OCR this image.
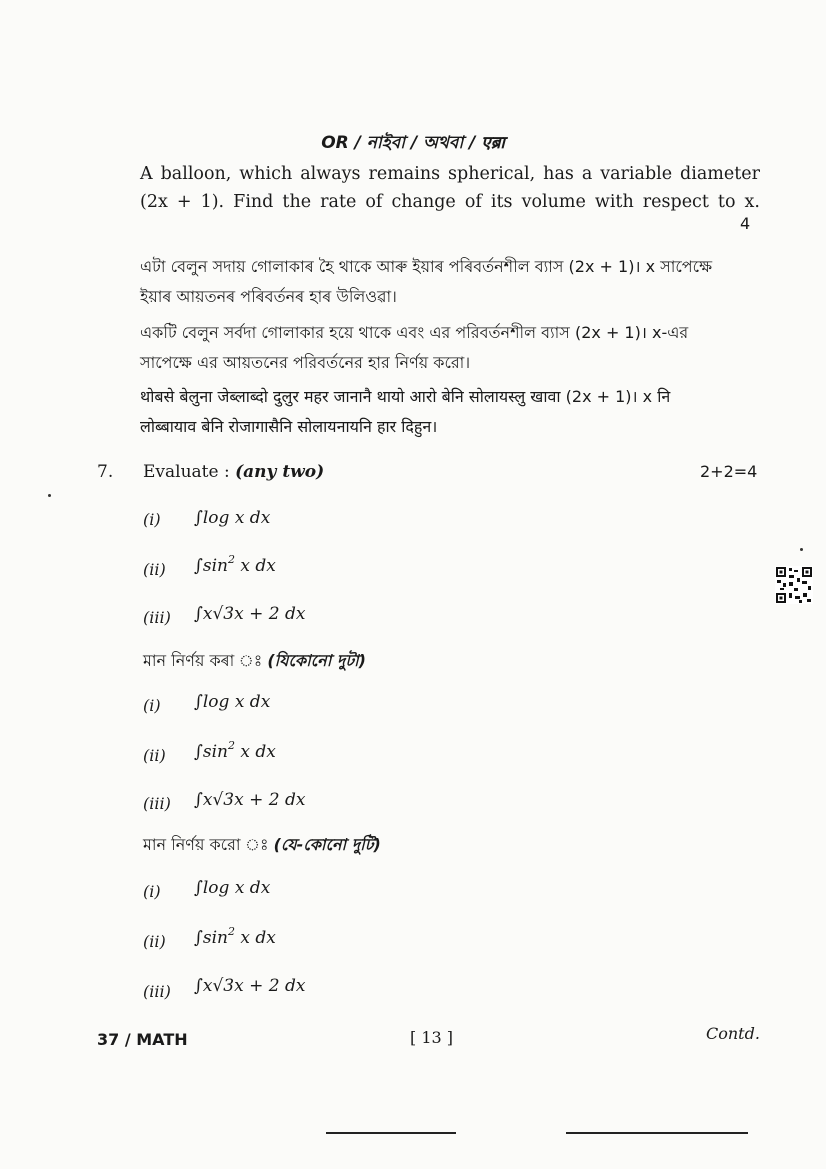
OR / নাইবা / অথবা / एब्रा
A balloon, which always remains spherical, has a variable diameter
(2x + 1). Find the rate of change of its volume with respect to x.
4
এটা বেলুন সদায় গোলাকাৰ হৈ থাকে আৰু ইয়াৰ পৰিবৰ্তনশীল ব্যাস (2x + 1)। x সাপেক্ষে
ইয়াৰ আয়তনৰ পৰিবৰ্তনৰ হাৰ উলিওৱা।
একটি বেলুন সর্বদা গোলাকার হয়ে থাকে এবং এর পরিবর্তনশীল ব্যাস (2x + 1)। x-এর
সাপেক্ষে এর আয়তনের পরিবর্তনের হার নির্ণয় করো।
थोबसे बेलुना जेब्लाब्दो दुलुर महर जानानै थायो आरो बेनि सोलायस्लु खावा (2x + 1)। x नि
लोब्बायाव बेनि रोजागासैनि सोलायनायनि हार दिहुन।
7. Evaluate : (any two)	2+2=4
(i) ∫log x dx
(ii) $\int\sin^2$ x dx
(iii) ∫x√3x + 2 dx
মান নিৰ্ণয় কৰা ঃ (যিকোনো দুটা)
(i) ∫log x dx
(ii) $\int\sin^2$ x dx
(iii) ∫x√3x + 2 dx
মান নির্ণয় করো ঃ (যে-কোনো দুটি)
(i) ∫log x dx
(ii) $\int\sin^2$ x dx
(iii) ∫x√3x + 2 dx
37 / MATH	[ 13 ]	Contd.
